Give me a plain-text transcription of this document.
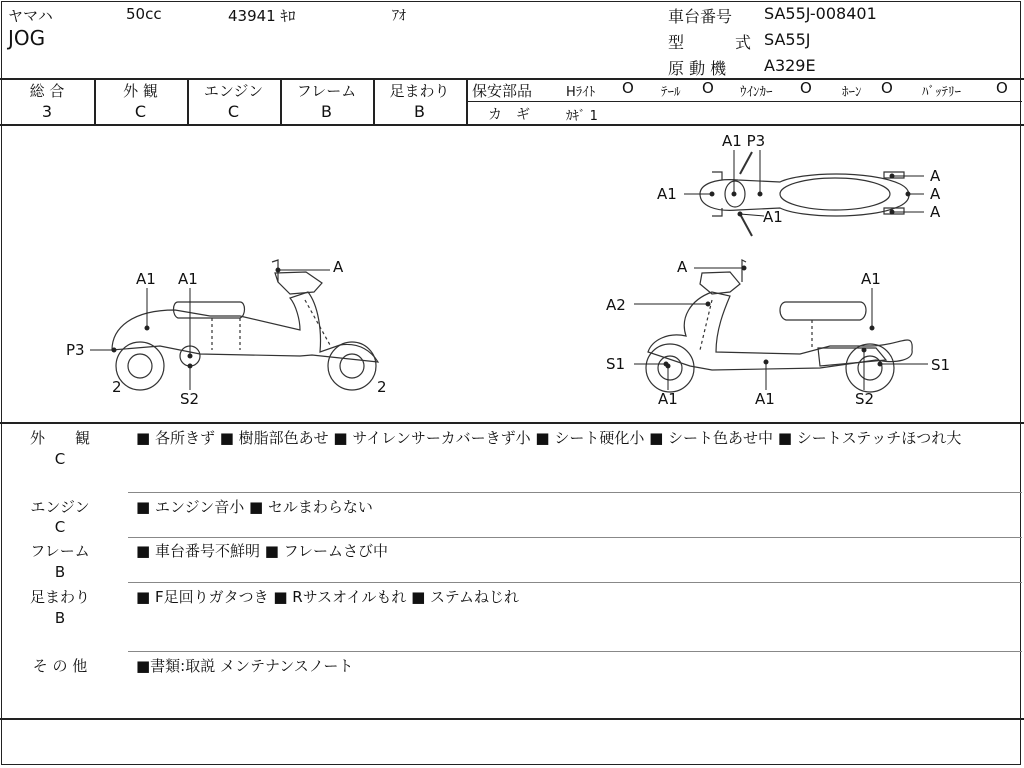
ヤマハ	50cc	43941 ｷﾛ	ｱｵ
JOG
車台番号 SA55J-008401
型	式 SA55J
原 動 機 A329E
総 合
3
外 観
C
エンジン
C
フレーム
B
足まわり
B
保安部品	Hﾗｲﾄ O ﾃｰﾙ O ｳｲﾝｶｰ O ﾎｰﾝ O ﾊﾞｯﾃﾘｰ O
カ　ギ	ｶｷﾞ 1
A1 A1
A
P3
2	2
S2
A1 P3
A1
A1
A
A
A
A
A1
A2
S1	S1
A1	A1	S2
外　　観
C
■ 各所きず ■ 樹脂部色あせ ■ サイレンサーカバーきず小 ■ シート硬化小 ■ シート色あせ中 ■ シートステッチほつれ大
エンジン
C
■ エンジン音小 ■ セルまわらない
フレーム
B
■ 車台番号不鮮明 ■ フレームさび中
足まわり
B
■ F足回りガタつき ■ Rサスオイルもれ ■ ステムねじれ
そ の 他	■書類:取説 メンテナンスノート
